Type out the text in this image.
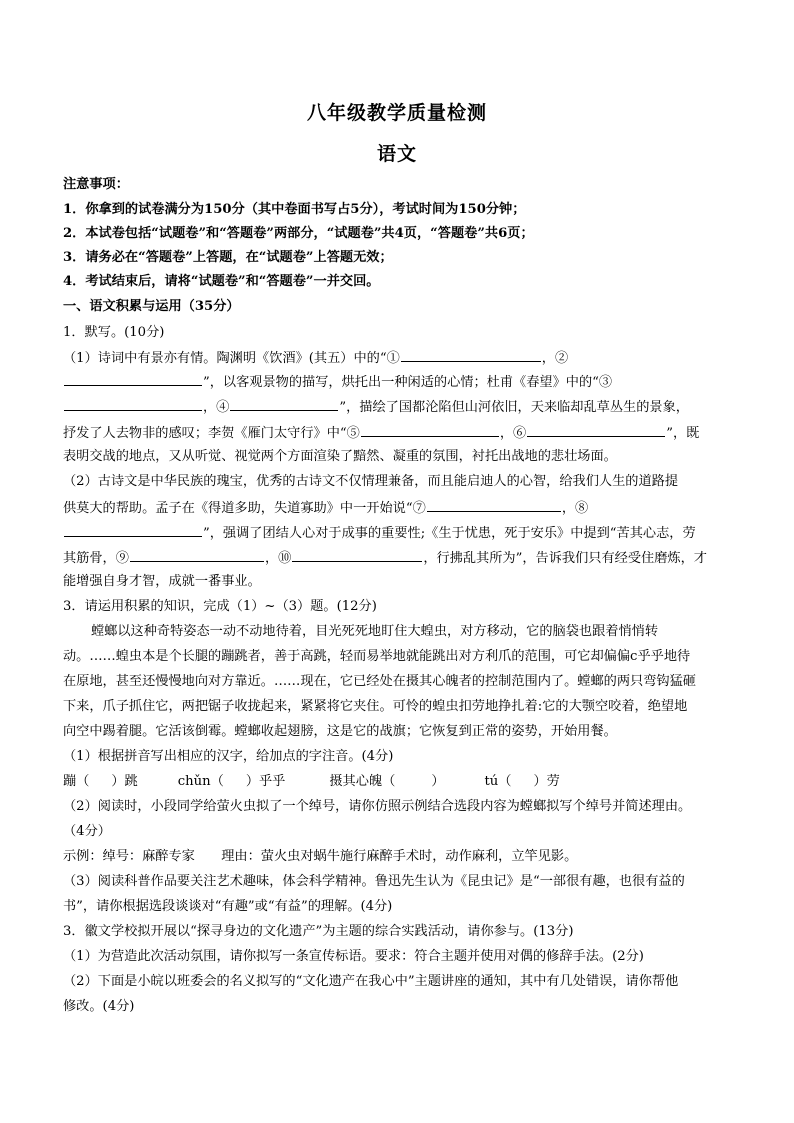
八年级教学质量检测
语文
注意事项：
1．你拿到的试卷满分为150分（其中卷面书写占5分），考试时间为150分钟；
2．本试卷包括“试题卷”和“答题卷”两部分，“试题卷”共4页，“答题卷”共6页；
3．请务必在“答题卷”上答题，在“试题卷”上答题无效；
4．考试结束后，请将“试题卷”和“答题卷”一并交回。
一、语文积累与运用（35分）
1．默写。(10分)
（1）诗词中有景亦有情。陶渊明《饮酒》(其五）中的“①	，②
”，以客观景物的描写，烘托出一种闲适的心情；杜甫《春望》中的“③
，④	”，描绘了国都沦陷但山河依旧，天来临却乱草丛生的景象，
抒发了人去物非的感叹；李贺《雁门太守行》中“⑤	，⑥	”，既
表明交战的地点，又从听觉、视觉两个方面渲染了黯然、凝重的氛围，衬托出战地的悲壮场面。
（2）古诗文是中华民族的瑰宝，优秀的古诗文不仅情理兼备，而且能启迪人的心智，给我们人生的道路提
供莫大的帮助。孟子在《得道多助，失道寡助》中一开始说“⑦	，⑧
”，强调了团结人心对于成事的重要性;《生于忧患，死于安乐》中提到“苦其心志，劳
其筋骨，⑨	，⑩	，行拂乱其所为”，告诉我们只有经受住磨炼，才
能增强自身才智，成就一番事业。
3．请运用积累的知识，完成（1）~（3）题。(12分)
螳螂以这种奇特姿态一动不动地待着，目光死死地盯住大蝗虫，对方移动，它的脑袋也跟着悄悄转
动。……蝗虫本是个长腿的蹦跳者，善于高跳，轻而易举地就能跳出对方利爪的范围，可它却偏偏c乎乎地待
在原地，甚至还慢慢地向对方靠近。……现在，它已经处在摄其心魄者的控制范围内了。螳螂的两只弯钩猛砸
下来，爪子抓住它，两把锯子收拢起来，紧紧将它夹住。可怜的蝗虫扣劳地挣扎着:它的大颚空咬着，绝望地
向空中踢着腿。它活该倒霉。螳螂收起翅膀，这是它的战旗；它恢复到正常的姿势，开始用餐。
（1）根据拼音写出相应的汉字，给加点的字注音。(4分)
蹦（ ）跳	chǔn（ ）乎乎	摄其心魄（	）	tú（ ）劳
（2）阅读时，小段同学给萤火虫拟了一个绰号，请你仿照示例结合选段内容为螳螂拟写个绰号并简述理由。
（4分）
示例：绰号：麻醉专家　　理由：萤火虫对蜗牛施行麻醉手术时，动作麻利，立竿见影。
（3）阅读科普作品要关注艺术趣味，体会科学精神。鲁迅先生认为《昆虫记》是“一部很有趣，也很有益的
书”，请你根据选段谈谈对“有趣”或“有益”的理解。(4分)
3．徽文学校拟开展以“探寻身边的文化遗产”为主题的综合实践活动，请你参与。(13分)
（1）为营造此次活动氛围，请你拟写一条宣传标语。要求：符合主题并使用对偶的修辞手法。(2分)
（2）下面是小皖以班委会的名义拟写的“文化遗产在我心中”主题讲座的通知，其中有几处错误，请你帮他
修改。(4分)
